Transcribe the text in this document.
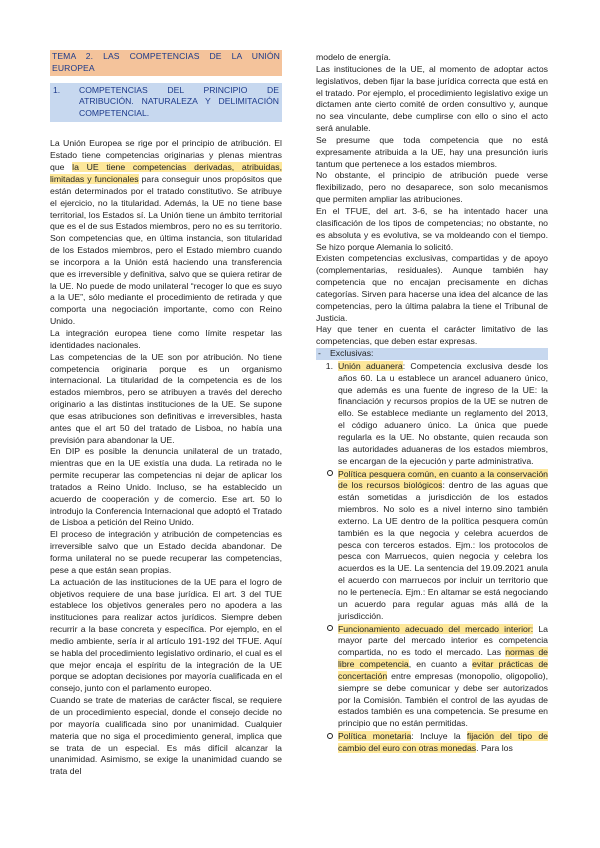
TEMA 2. LAS COMPETENCIAS DE LA UNIÓN EUROPEA
1.	COMPETENCIAS DEL PRINCIPIO DE ATRIBUCIÓN. NATURALEZA Y DELIMITACIÓN COMPETENCIAL.

La Unión Europea se rige por el principio de atribución. El Estado tiene competencias originarias y plenas mientras que la UE tiene competencias derivadas, atribuidas, limitadas y funcionales para conseguir unos propósitos que están determinados por el tratado constitutivo. Se atribuye el ejercicio, no la titularidad. Además, la UE no tiene base territorial, los Estados sí. La Unión tiene un ámbito territorial que es el de sus Estados miembros, pero no es su territorio. Son competencias que, en última instancia, son titularidad de los Estados miembros, pero el Estado miembro cuando se incorpora a la Unión está haciendo una transferencia que es irreversible y definitiva, salvo que se quiera retirar de la UE. No puede de modo unilateral “recoger lo que es suyo a la UE”, sólo mediante el procedimiento de retirada y que comporta una negociación importante, como con Reino Unido.

La integración europea tiene como límite respetar las identidades nacionales.

Las competencias de la UE son por atribución. No tiene competencia originaria porque es un organismo internacional. La titularidad de la competencia es de los estados miembros, pero se atribuyen a través del derecho originario a las distintas instituciones de la UE. Se supone que esas atribuciones son definitivas e irreversibles, hasta antes que el art 50 del tratado de Lisboa, no había una previsión para abandonar la UE.

En DIP es posible la denuncia unilateral de un tratado, mientras que en la UE existía una duda. La retirada no le permite recuperar las competencias ni dejar de aplicar los tratados a Reino Unido. Incluso, se ha establecido un acuerdo de cooperación y de comercio. Ese art. 50 lo introdujo la Conferencia Internacional que adoptó el Tratado de Lisboa a petición del Reino Unido.

El proceso de integración y atribución de competencias es irreversible salvo que un Estado decida abandonar. De forma unilateral no se puede recuperar las competencias, pese a que están sean propias.

La actuación de las instituciones de la UE para el logro de objetivos requiere de una base jurídica. El art. 3 del TUE establece los objetivos generales pero no apodera a las instituciones para realizar actos jurídicos. Siempre deben recurrir a la base concreta y específica. Por ejemplo, en el medio ambiente, sería ir al artículo 191-192 del TFUE. Aquí se habla del procedimiento legislativo ordinario, el cual es el que mejor encaja el espíritu de la integración de la UE porque se adoptan decisiones por mayoría cualificada en el consejo, junto con el parlamento europeo.

Cuando se trate de materias de carácter fiscal, se requiere de un procedimiento especial, donde el consejo decide no por mayoría cualificada sino por unanimidad. Cualquier materia que no siga el procedimiento general, implica que se trata de un especial. Es más difícil alcanzar la unanimidad. Asimismo, se exige la unanimidad cuando se trata del

modelo de energía.

Las instituciones de la UE, al momento de adoptar actos legislativos, deben fijar la base jurídica correcta que está en el tratado. Por ejemplo, el procedimiento legislativo exige un dictamen ante cierto comité de orden consultivo y, aunque no sea vinculante, debe cumplirse con ello o sino el acto será anulable.

Se presume que toda competencia que no está expresamente atribuida a la UE, hay una presunción iuris tantum que pertenece a los estados miembros.

No obstante, el principio de atribución puede verse flexibilizado, pero no desaparece, son solo mecanismos que permiten ampliar las atribuciones.

En el TFUE, del art. 3-6, se ha intentado hacer una clasificación de los tipos de competencias; no obstante, no es absoluta y es evolutiva, se va moldeando con el tiempo. Se hizo porque Alemania lo solicitó.

Existen competencias exclusivas, compartidas y de apoyo (complementarias, residuales). Aunque también hay competencia que no encajan precisamente en dichas categorías. Sirven para hacerse una idea del alcance de las competencias, pero la última palabra la tiene el Tribunal de Justicia.

Hay que tener en cuenta el carácter limitativo de las competencias, que deben estar expresas.

-	Exclusivas:
1. Unión aduanera: Competencia exclusiva desde los años 60. La u establece un arancel aduanero único, que además es una fuente de ingreso de la UE: la financiación y recursos propios de la UE se nutren de ello. Se establece mediante un reglamento del 2013, el código aduanero único. La única que puede regularla es la UE. No obstante, quien recauda son las autoridades aduaneras de los estados miembros, se encargan de la ejecución y parte administrativa.
Política pesquera común, en cuanto a la conservación de los recursos biológicos: dentro de las aguas que están sometidas a jurisdicción de los estados miembros. No solo es a nivel interno sino también externo. La UE dentro de la política pesquera común también es la que negocia y celebra acuerdos de pesca con terceros estados. Ejm.: los protocolos de pesca con Marruecos, quien negocia y celebra los acuerdos es la UE. La sentencia del 19.09.2021 anula el acuerdo con marruecos por incluir un territorio que no le pertenecía. Ejm.: En altamar se está negociando un acuerdo para regular aguas más allá de la jurisdicción.
Funcionamiento adecuado del mercado interior: La mayor parte del mercado interior es competencia compartida, no es todo el mercado. Las normas de libre competencia, en cuanto a evitar prácticas de concertación entre empresas (monopolio, oligopolio), siempre se debe comunicar y debe ser autorizados por la Comisión. También el control de las ayudas de estados también es una competencia. Se presume en principio que no están permitidas.
Política monetaria: Incluye la fijación del tipo de cambio del euro con otras monedas. Para los
